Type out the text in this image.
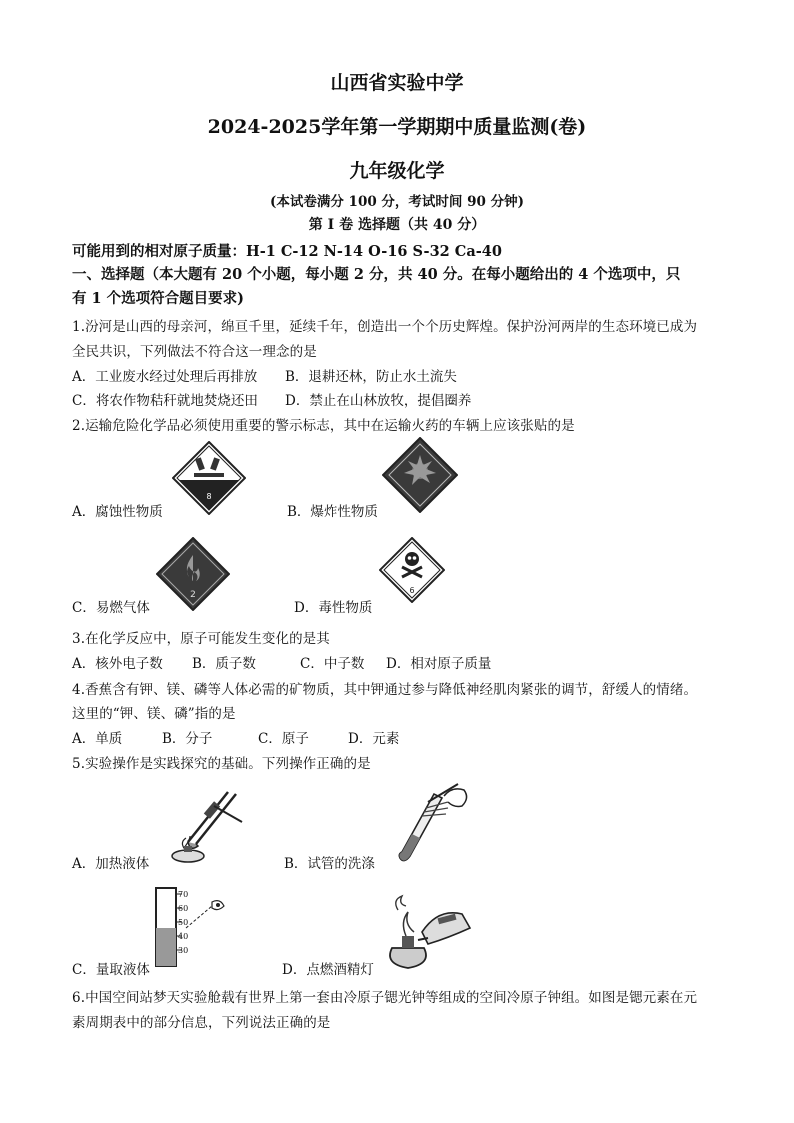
山西省实验中学
2024-2025学年第一学期期中质量监测(卷)
九年级化学
(本试卷满分 100 分，考试时间 90 分钟)
第 I 卷 选择题（共 40 分）
可能用到的相对原子质量：H-1 C-12 N-14 O-16 S-32 Ca-40
一、选择题（本大题有 20 个小题，每小题 2 分，共 40 分。在每小题给出的 4 个选项中，只
有 1 个选项符合题目要求)
1.汾河是山西的母亲河，绵亘千里，延续千年，创造出一个个历史辉煌。保护汾河两岸的生态环境已成为
全民共识，下列做法不符合这一理念的是
A．工业废水经过处理后再排放 B．退耕还林，防止水土流失
C．将农作物秸秆就地焚烧还田 D．禁止在山林放牧，提倡圈养
2.运输危险化学品必须使用重要的警示标志，其中在运输火药的车辆上应该张贴的是
8
A．腐蚀性物质	B．爆炸性物质
2	6
C．易燃气体	D．毒性物质
3.在化学反应中，原子可能发生变化的是其
A．核外电子数 B．质子数	C．中子数 D．相对原子质量
4.香蕉含有钾、镁、磷等人体必需的矿物质，其中钾通过参与降低神经肌肉紧张的调节，舒缓人的情绪。
这里的“钾、镁、磷”指的是
A．单质	B．分子	C．原子	D．元素
5.实验操作是实践探究的基础。下列操作正确的是
A．加热液体	B．试管的洗涤
70
60
50
40
30
C．量取液体	D．点燃酒精灯
6.中国空间站梦天实验舱载有世界上第一套由冷原子锶光钟等组成的空间冷原子钟组。如图是锶元素在元
素周期表中的部分信息，下列说法正确的是
